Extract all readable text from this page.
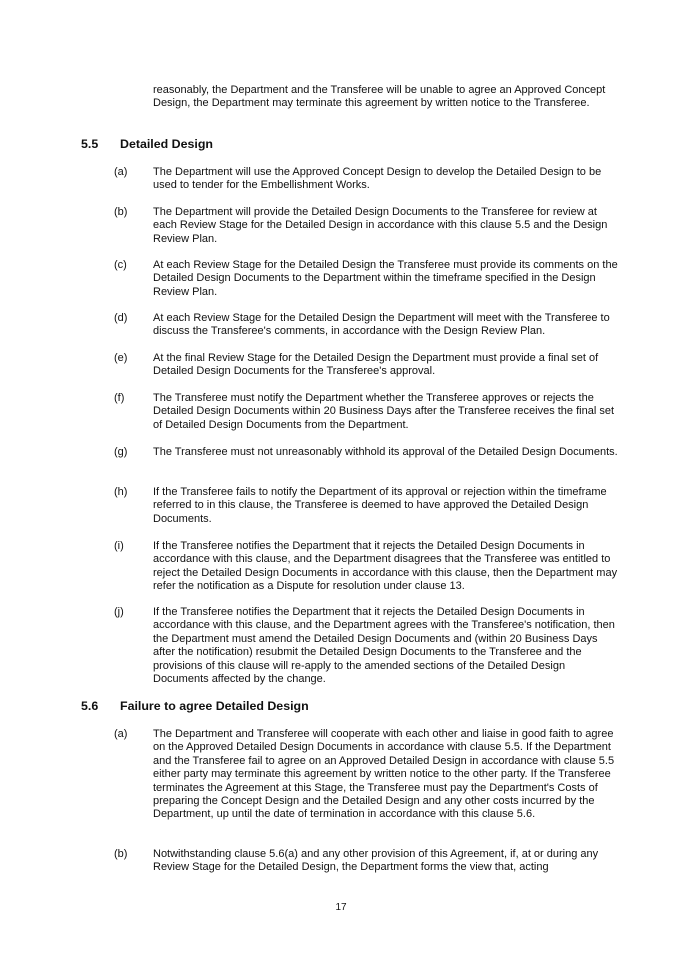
reasonably, the Department and the Transferee will be unable to agree an Approved Concept Design, the Department may terminate this agreement by written notice to the Transferee.

5.5 Detailed Design
(a) The Department will use the Approved Concept Design to develop the Detailed Design to be used to tender for the Embellishment Works.

(b) The Department will provide the Detailed Design Documents to the Transferee for review at each Review Stage for the Detailed Design in accordance with this clause 5.5 and the Design Review Plan.

(c) At each Review Stage for the Detailed Design the Transferee must provide its comments on the Detailed Design Documents to the Department within the timeframe specified in the Design Review Plan.

(d) At each Review Stage for the Detailed Design the Department will meet with the Transferee to discuss the Transferee's comments, in accordance with the Design Review Plan.

(e) At the final Review Stage for the Detailed Design the Department must provide a final set of Detailed Design Documents for the Transferee's approval.

(f)	The Transferee must notify the Department whether the Transferee approves or rejects the Detailed Design Documents within 20 Business Days after the Transferee receives the final set of Detailed Design Documents from the Department.

(g) The Transferee must not unreasonably withhold its approval of the Detailed Design Documents.

(h) If the Transferee fails to notify the Department of its approval or rejection within the timeframe referred to in this clause, the Transferee is deemed to have approved the Detailed Design Documents.

(i)	If the Transferee notifies the Department that it rejects the Detailed Design Documents in accordance with this clause, and the Department disagrees that the Transferee was entitled to reject the Detailed Design Documents in accordance with this clause, then the Department may refer the notification as a Dispute for resolution under clause 13.

(j)	If the Transferee notifies the Department that it rejects the Detailed Design Documents in accordance with this clause, and the Department agrees with the Transferee's notification, then the Department must amend the Detailed Design Documents and (within 20 Business Days after the notification) resubmit the Detailed Design Documents to the Transferee and the provisions of this clause will re-apply to the amended sections of the Detailed Design Documents affected by the change.

5.6 Failure to agree Detailed Design
(a) The Department and Transferee will cooperate with each other and liaise in good faith to agree on the Approved Detailed Design Documents in accordance with clause 5.5. If the Department and the Transferee fail to agree on an Approved Detailed Design in accordance with clause 5.5 either party may terminate this agreement by written notice to the other party. If the Transferee terminates the Agreement at this Stage, the Transferee must pay the Department's Costs of preparing the Concept Design and the Detailed Design and any other costs incurred by the Department, up until the date of termination in accordance with this clause 5.6.

(b) Notwithstanding clause 5.6(a) and any other provision of this Agreement, if, at or during any Review Stage for the Detailed Design, the Department forms the view that, acting

17
